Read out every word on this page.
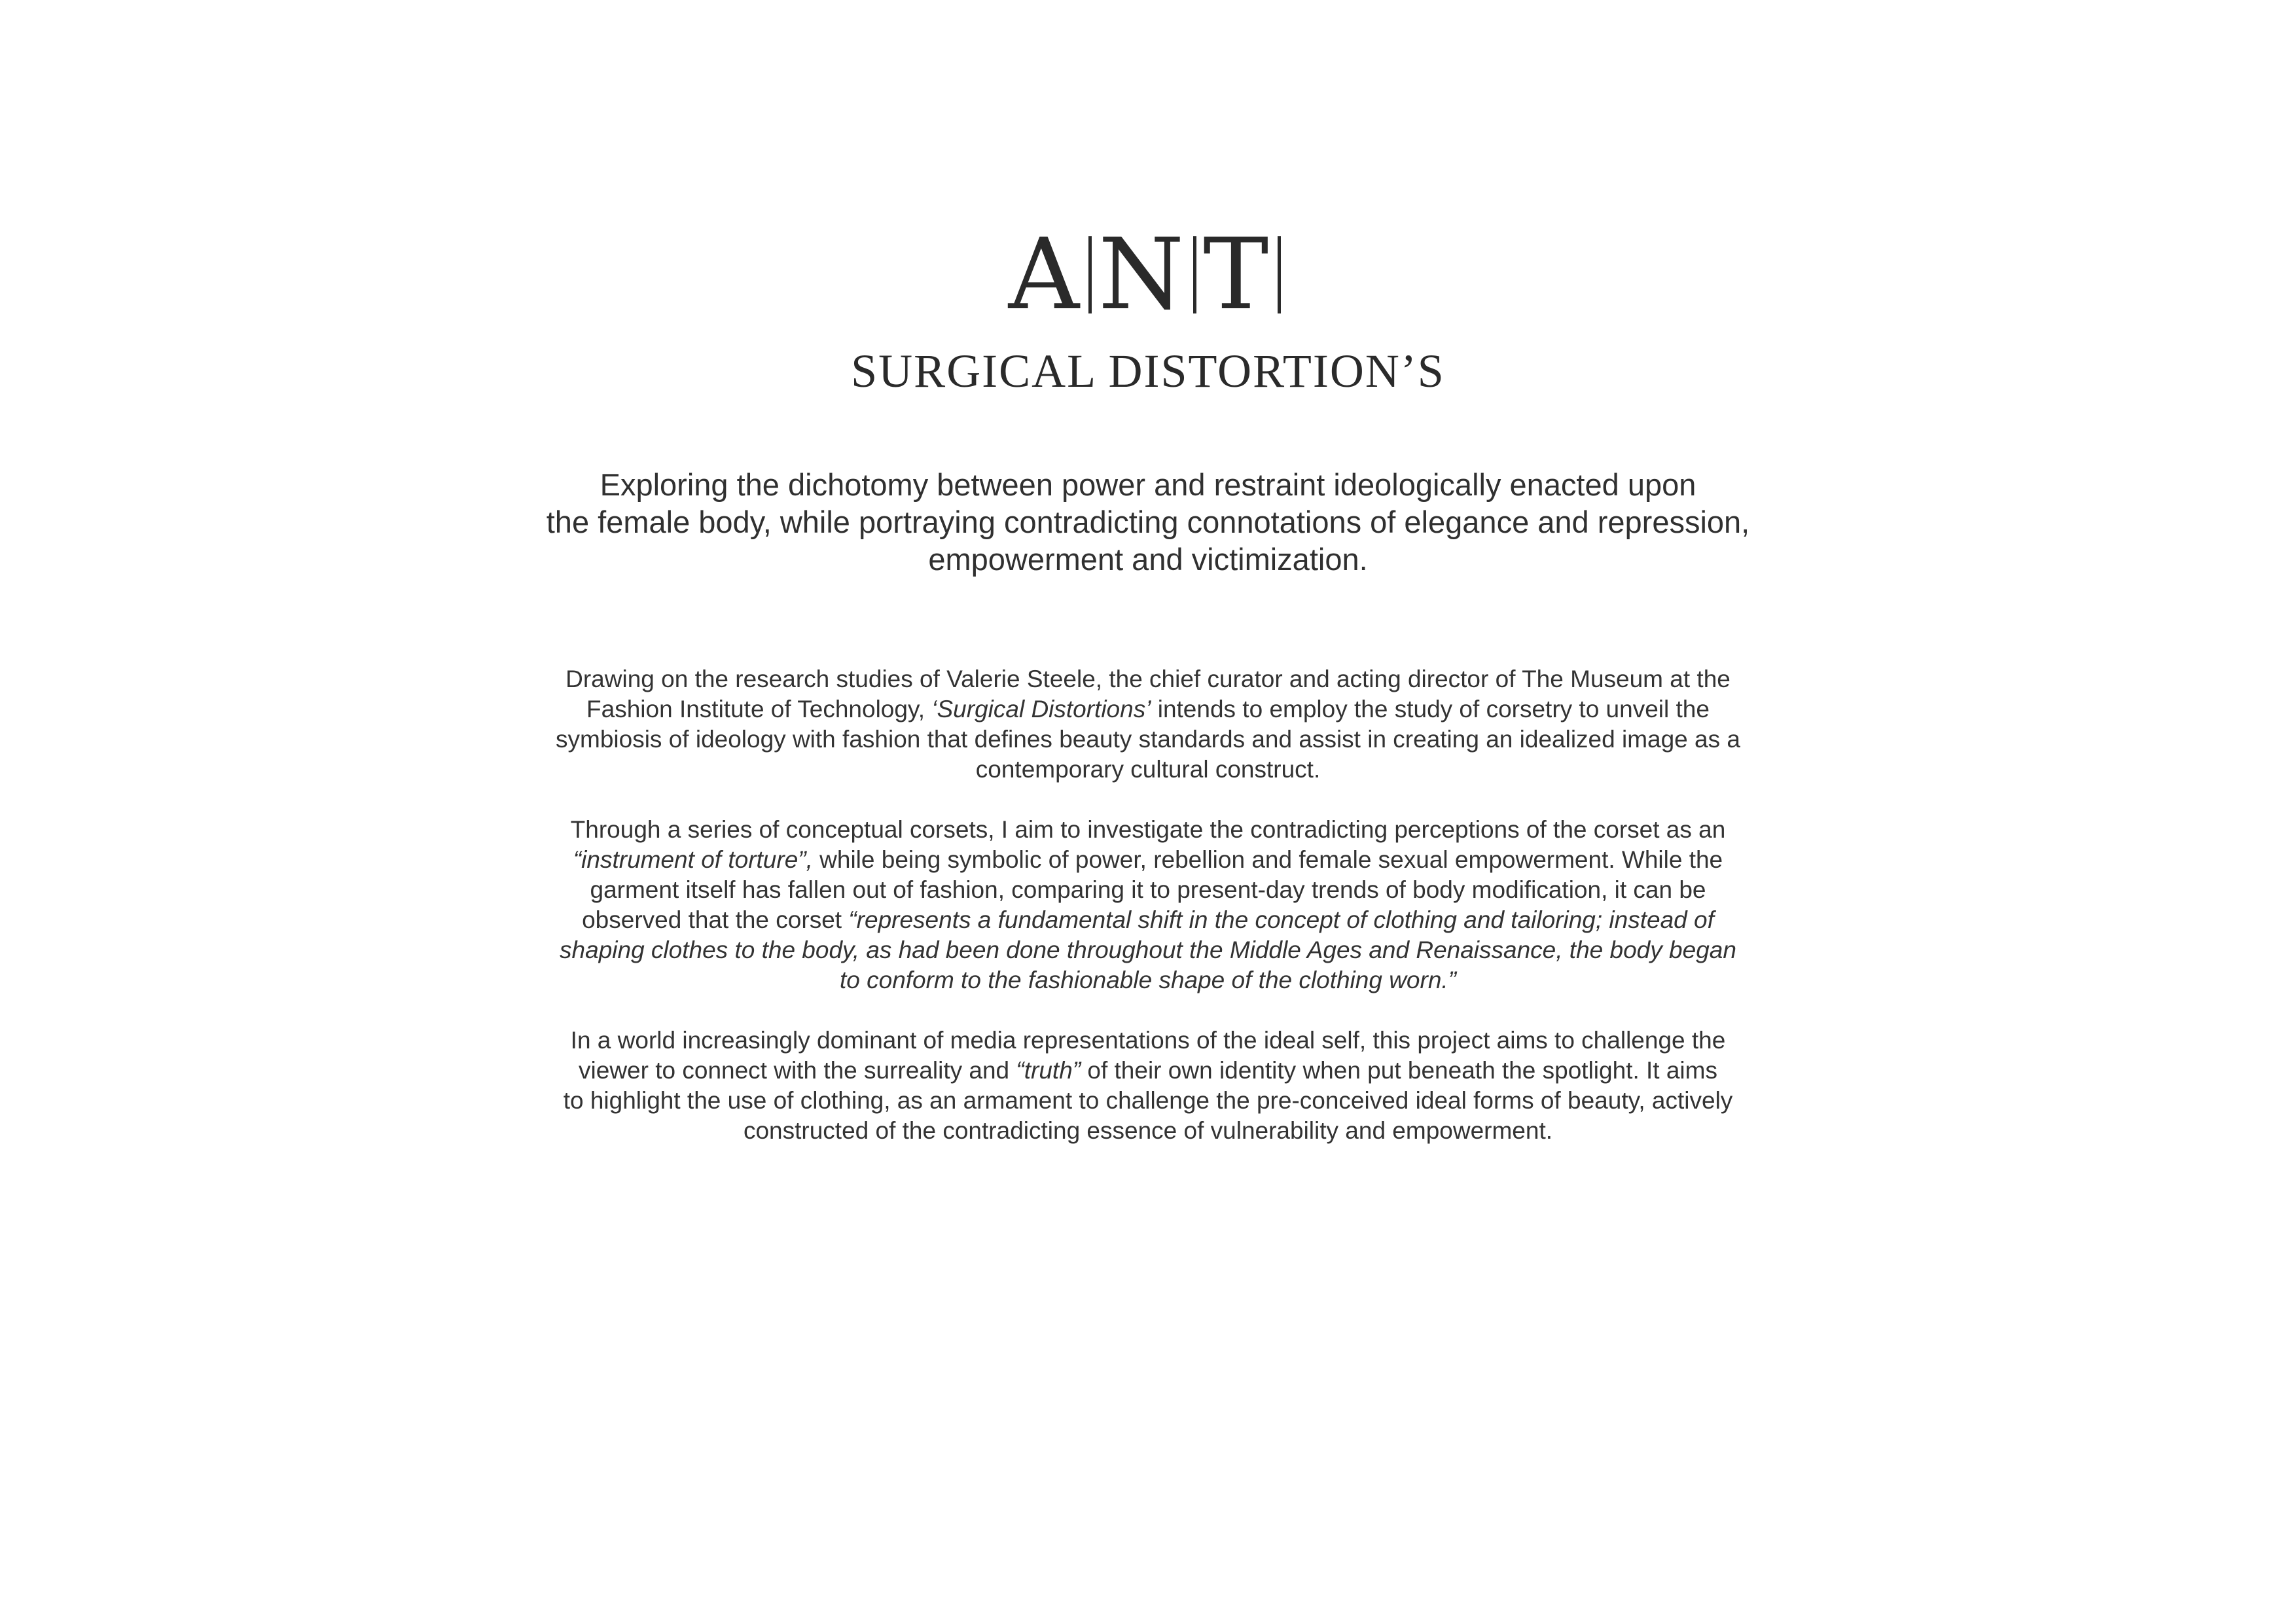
A N T
SURGICAL DISTORTION’S
Exploring the dichotomy between power and restraint ideologically enacted upon
the female body, while portraying contradicting connotations of elegance and repression,
empowerment and victimization.
Drawing on the research studies of Valerie Steele, the chief curator and acting director of The Museum at the
Fashion Institute of Technology, ‘Surgical Distortions’ intends to employ the study of corsetry to unveil the
symbiosis of ideology with fashion that defines beauty standards and assist in creating an idealized image as a
contemporary cultural construct.
Through a series of conceptual corsets, I aim to investigate the contradicting perceptions of the corset as an
“instrument of torture”, while being symbolic of power, rebellion and female sexual empowerment. While the
garment itself has fallen out of fashion, comparing it to present-day trends of body modification, it can be
observed that the corset “represents a fundamental shift in the concept of clothing and tailoring; instead of
shaping clothes to the body, as had been done throughout the Middle Ages and Renaissance, the body began
to conform to the fashionable shape of the clothing worn.”
In a world increasingly dominant of media representations of the ideal self, this project aims to challenge the
viewer to connect with the surreality and “truth” of their own identity when put beneath the spotlight. It aims
to highlight the use of clothing, as an armament to challenge the pre-conceived ideal forms of beauty, actively
constructed of the contradicting essence of vulnerability and empowerment.
